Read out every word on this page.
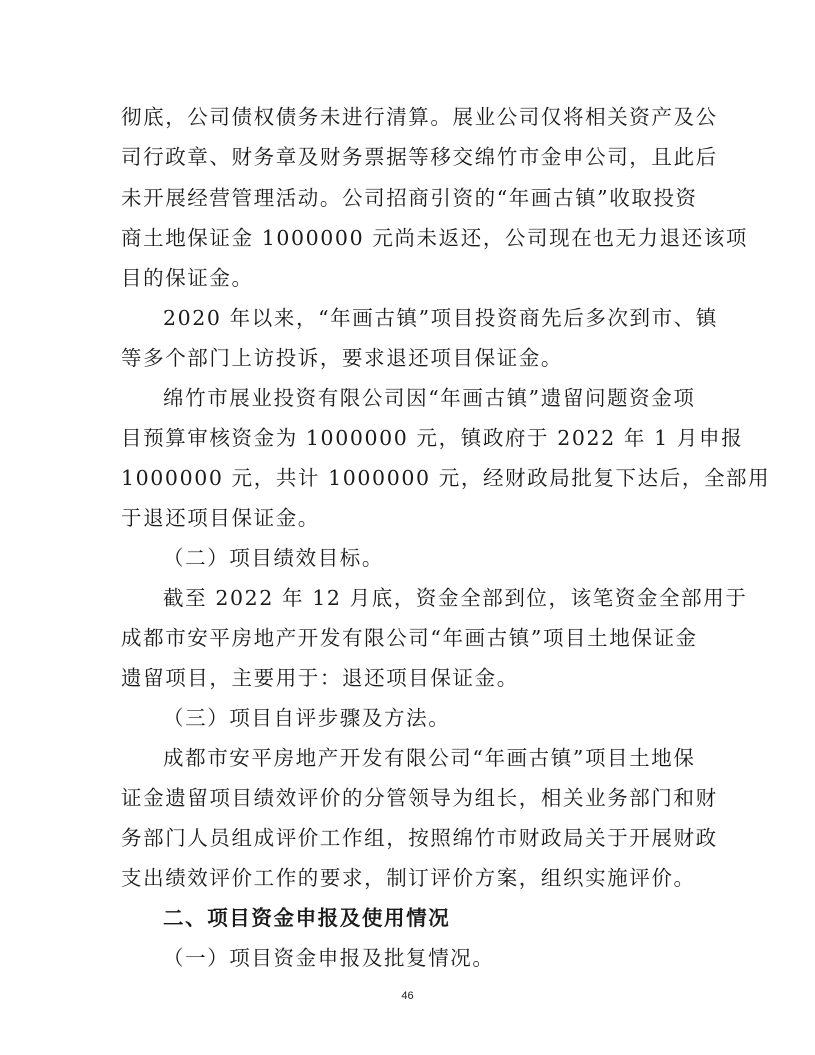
彻底，公司债权债务未进行清算。展业公司仅将相关资产及公
司行政章、财务章及财务票据等移交绵竹市金申公司，且此后
未开展经营管理活动。公司招商引资的“年画古镇”收取投资
商土地保证金 1000000 元尚未返还，公司现在也无力退还该项
目的保证金。
2020 年以来，“年画古镇”项目投资商先后多次到市、镇
等多个部门上访投诉，要求退还项目保证金。
绵竹市展业投资有限公司因“年画古镇”遗留问题资金项
目预算审核资金为 1000000 元，镇政府于 2022 年 1 月申报
1000000 元，共计 1000000 元，经财政局批复下达后，全部用
于退还项目保证金。
（二）项目绩效目标。
截至 2022 年 12 月底，资金全部到位，该笔资金全部用于
成都市安平房地产开发有限公司“年画古镇”项目土地保证金
遗留项目，主要用于：退还项目保证金。
（三）项目自评步骤及方法。
成都市安平房地产开发有限公司“年画古镇”项目土地保
证金遗留项目绩效评价的分管领导为组长，相关业务部门和财
务部门人员组成评价工作组，按照绵竹市财政局关于开展财政
支出绩效评价工作的要求，制订评价方案，组织实施评价。
二、项目资金申报及使用情况
（一）项目资金申报及批复情况。
46
